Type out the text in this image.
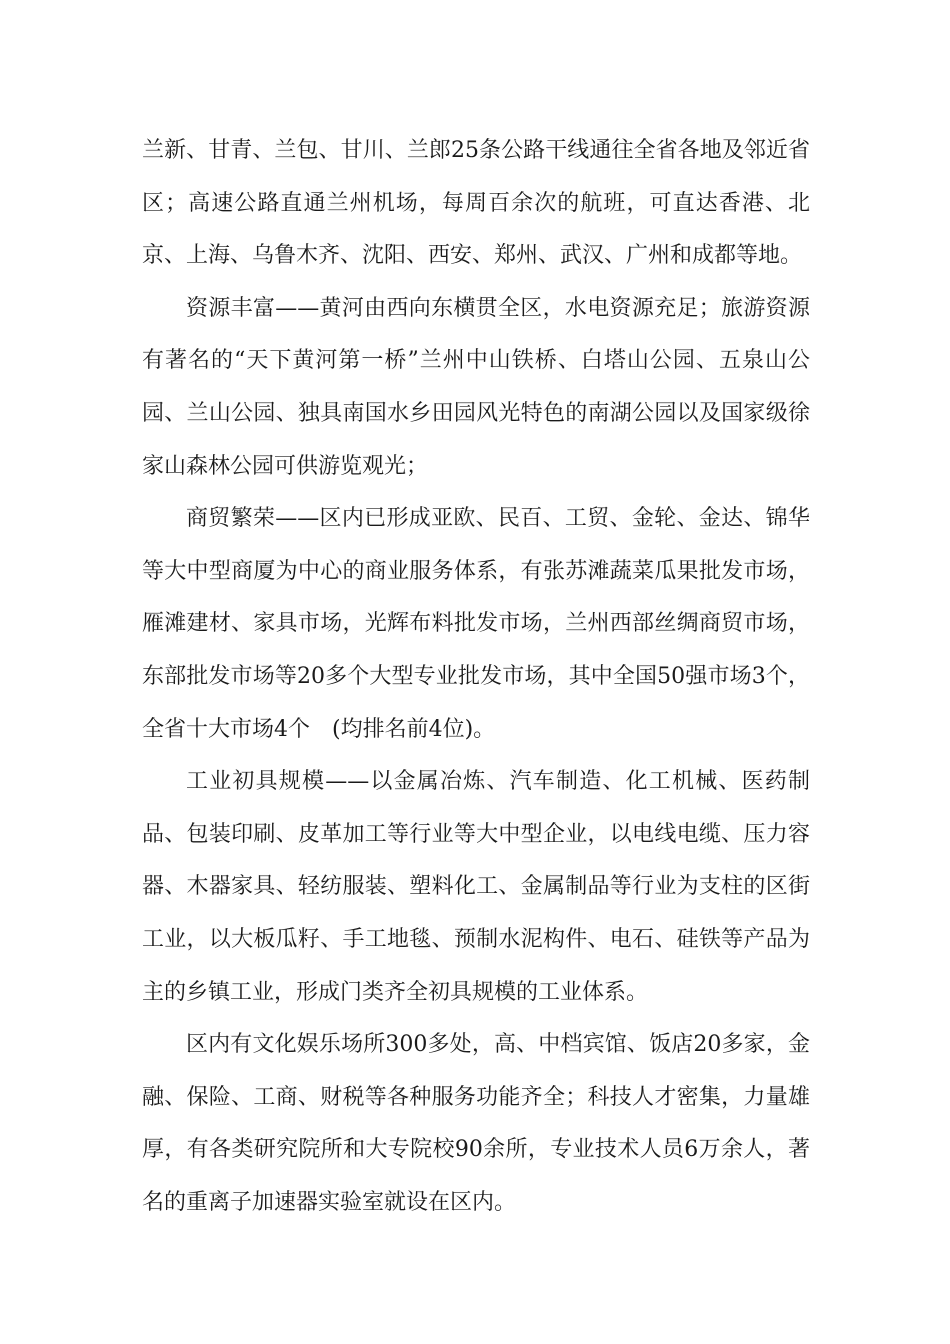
兰新、甘青、兰包、甘川、兰郎25条公路干线通往全省各地及邻近省区；高速公路直通兰州机场，每周百余次的航班，可直达香港、北京、上海、乌鲁木齐、沈阳、西安、郑州、武汉、广州和成都等地。

资源丰富——黄河由西向东横贯全区，水电资源充足；旅游资源有著名的“天下黄河第一桥”兰州中山铁桥、白塔山公园、五泉山公园、兰山公园、独具南国水乡田园风光特色的南湖公园以及国家级徐家山森林公园可供游览观光；

商贸繁荣——区内已形成亚欧、民百、工贸、金轮、金达、锦华等大中型商厦为中心的商业服务体系，有张苏滩蔬菜瓜果批发市场，雁滩建材、家具市场，光辉布料批发市场，兰州西部丝绸商贸市场，东部批发市场等20多个大型专业批发市场，其中全国50强市场3个，全省十大市场4个　(均排名前4位)。

工业初具规模——以金属冶炼、汽车制造、化工机械、医药制品、包装印刷、皮革加工等行业等大中型企业，以电线电缆、压力容器、木器家具、轻纺服装、塑料化工、金属制品等行业为支柱的区街工业，以大板瓜籽、手工地毯、预制水泥构件、电石、硅铁等产品为主的乡镇工业，形成门类齐全初具规模的工业体系。

区内有文化娱乐场所300多处，高、中档宾馆、饭店20多家，金融、保险、工商、财税等各种服务功能齐全；科技人才密集，力量雄厚，有各类研究院所和大专院校90余所，专业技术人员6万余人，著名的重离子加速器实验室就设在区内。
